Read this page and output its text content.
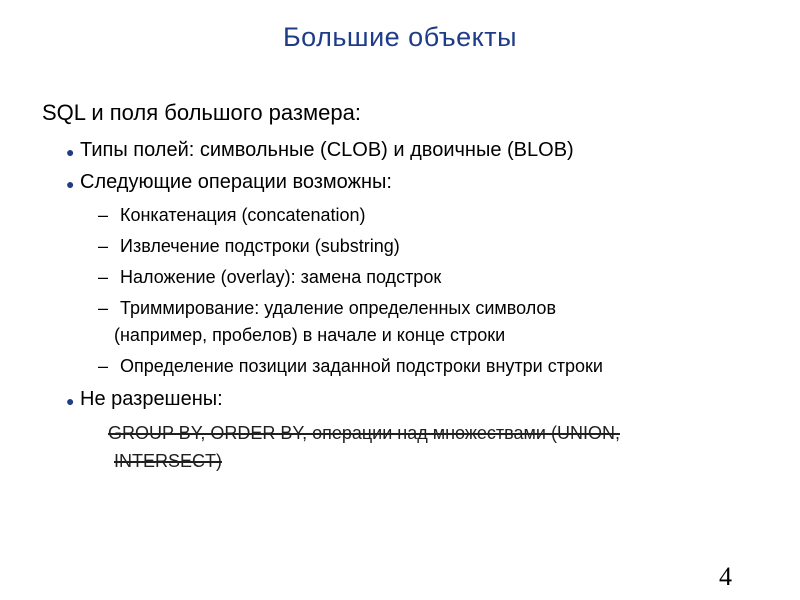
Большие объекты
SQL и поля большого размера:
● Типы полей: символьные (CLOB) и двоичные (BLOB)
● Следующие операции возможны:
– Конкатенация (concatenation)
– Извлечение подстроки (substring)
– Наложение (overlay): замена подстрок
– Триммирование: удаление определенных символов
(например, пробелов) в начале и конце строки
– Определение позиции заданной подстроки внутри строки
● Не разрешены:
GROUP BY, ORDER BY, операции над множествами (UNION,
INTERSECT)
4
